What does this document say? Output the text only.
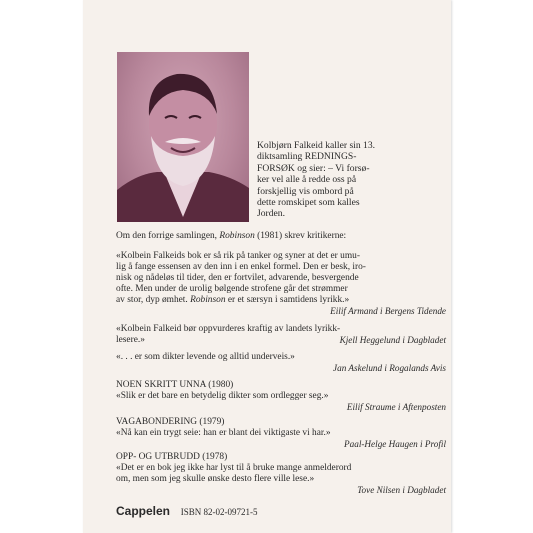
Kolbjørn Falkeid kaller sin 13.
diktsamling REDNINGS-
FORSØK og sier: – Vi forsø-
ker vel alle å redde oss på
forskjellig vis ombord på
dette romskipet som kalles
Jorden.
Om den forrige samlingen, Robinson (1981) skrev kritikerne:
«Kolbein Falkeids bok er så rik på tanker og syner at det er umu-
lig å fange essensen av den inn i en enkel formel. Den er besk, iro-
nisk og nådeløs til tider, den er fortvilet, advarende, besvergende
ofte. Men under de urolig bølgende strofene går det strømmer
av stor, dyp ømhet. Robinson er et særsyn i samtidens lyrikk.»
Eilif Armand i Bergens Tidende
«Kolbein Falkeid bør oppvurderes kraftig av landets lyrikk-
lesere.»	Kjell Heggelund i Dagbladet
«. . . er som dikter levende og alltid underveis.»
Jan Askelund i Rogalands Avis
NOEN SKRITT UNNA (1980)
«Slik er det bare en betydelig dikter som ordlegger seg.»
Eilif Straume i Aftenposten
VAGABONDERING (1979)
«Nå kan ein trygt seie: han er blant dei viktigaste vi har.»
Paal-Helge Haugen i Profil
OPP- OG UTBRUDD (1978)
«Det er en bok jeg ikke har lyst til å bruke mange anmelderord
om, men som jeg skulle ønske desto flere ville lese.»
Tove Nilsen i Dagbladet
Cappelen ISBN 82-02-09721-5
